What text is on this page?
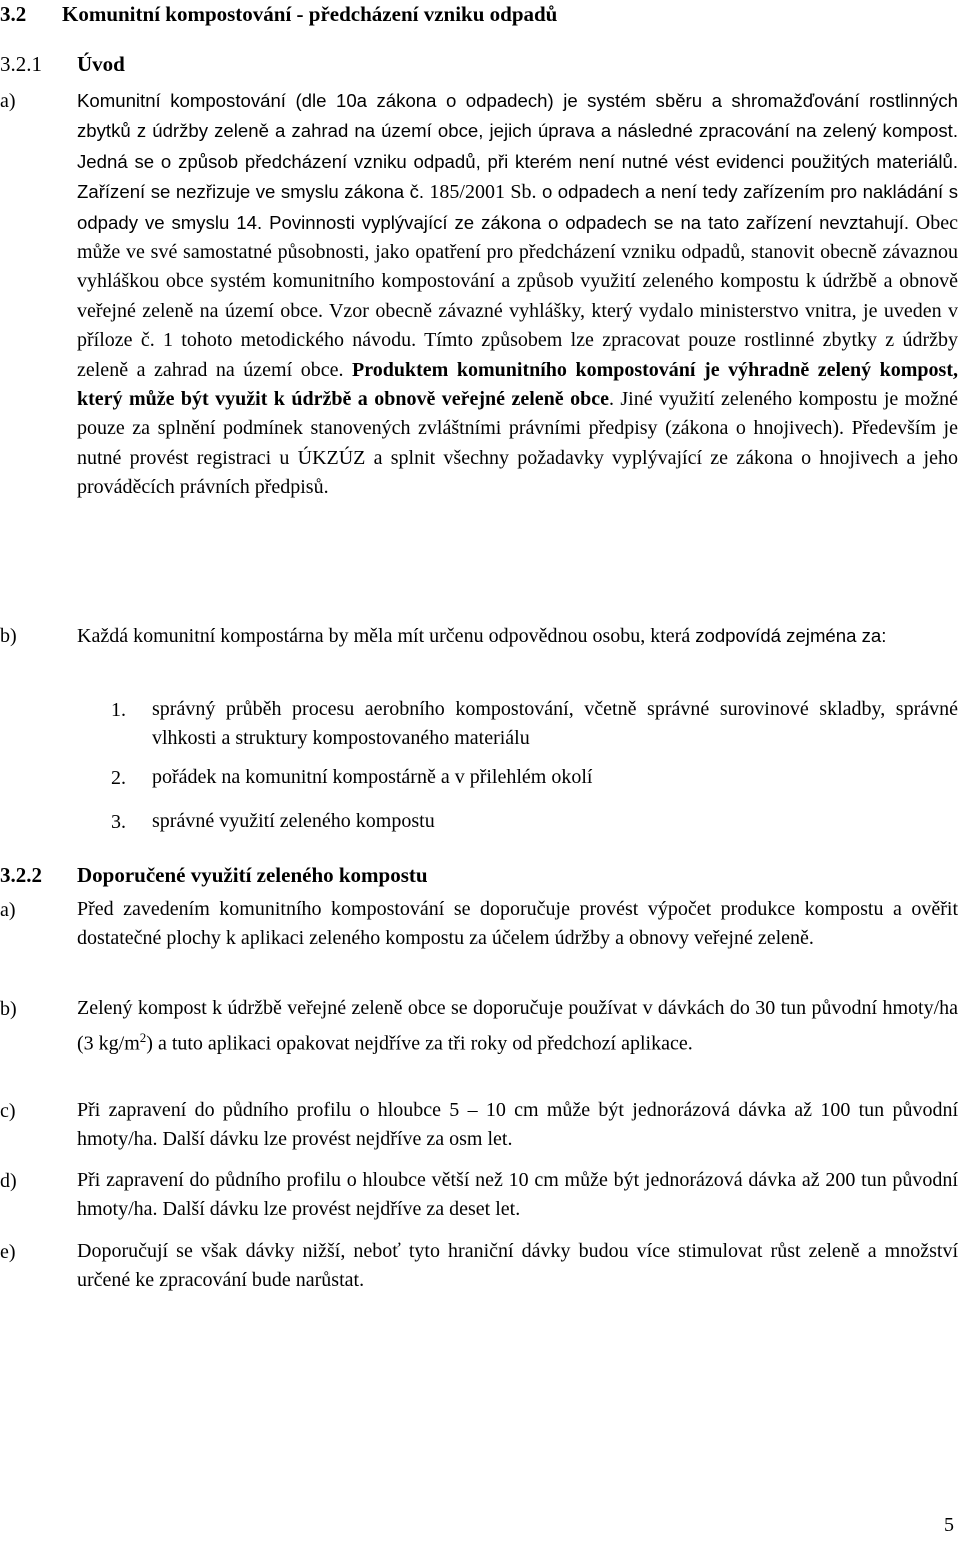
3.2 Komunitní kompostování - předcházení vzniku odpadů
3.2.1 Úvod
a)	Komunitní kompostování (dle 10a zákona o odpadech) je systém sběru a shromažďování rostlinných zbytků z údržby zeleně a zahrad na území obce, jejich úprava a následné zpracování na zelený kompost. Jedná se o způsob předcházení vzniku odpadů, při kterém není nutné vést evidenci použitých materiálů. Zařízení se nezřizuje ve smyslu zákona č. 185/2001 Sb. o odpadech a není tedy zařízením pro nakládání s odpady ve smyslu 14. Povinnosti vyplývající ze zákona o odpadech se na tato zařízení nevztahují. Obec může ve své samostatné působnosti, jako opatření pro předcházení vzniku odpadů, stanovit obecně závaznou vyhláškou obce systém komunitního kompostování a způsob využití zeleného kompostu k údržbě a obnově veřejné zeleně na území obce. Vzor obecně závazné vyhlášky, který vydalo ministerstvo vnitra, je uveden v příloze č. 1 tohoto metodického návodu. Tímto způsobem lze zpracovat pouze rostlinné zbytky z údržby zeleně a zahrad na území obce. Produktem komunitního kompostování je výhradně zelený kompost, který může být využit k údržbě a obnově veřejné zeleně obce. Jiné využití zeleného kompostu je možné pouze za splnění podmínek stanovených zvláštními právními předpisy (zákona o hnojivech). Především je nutné provést registraci u ÚKZÚZ a splnit všechny požadavky vyplývající ze zákona o hnojivech a jeho prováděcích právních předpisů.
b)	Každá komunitní kompostárna by měla mít určenu odpovědnou osobu, která zodpovídá zejména za:
1. správný průběh procesu aerobního kompostování, včetně správné surovinové skladby, správné vlhkosti a struktury kompostovaného materiálu
2. pořádek na komunitní kompostárně a v přilehlém okolí
3. správné využití zeleného kompostu
3.2.2 Doporučené využití zeleného kompostu
a)	Před zavedením komunitního kompostování se doporučuje provést výpočet produkce kompostu a ověřit dostatečné plochy k aplikaci zeleného kompostu za účelem údržby a obnovy veřejné zeleně.
b)	Zelený kompost k údržbě veřejné zeleně obce se doporučuje používat v dávkách do 30 tun původní hmoty/ha (3 $kg/m^2$) a tuto aplikaci opakovat nejdříve za tři roky od předchozí aplikace.
c)	Při zapravení do půdního profilu o hloubce 5 – 10 cm může být jednorázová dávka až 100 tun původní hmoty/ha. Další dávku lze provést nejdříve za osm let.
d)	Při zapravení do půdního profilu o hloubce větší než 10 cm může být jednorázová dávka až 200 tun původní hmoty/ha. Další dávku lze provést nejdříve za deset let.
e)	Doporučují se však dávky nižší, neboť tyto hraniční dávky budou více stimulovat růst zeleně a množství určené ke zpracování bude narůstat.
5
